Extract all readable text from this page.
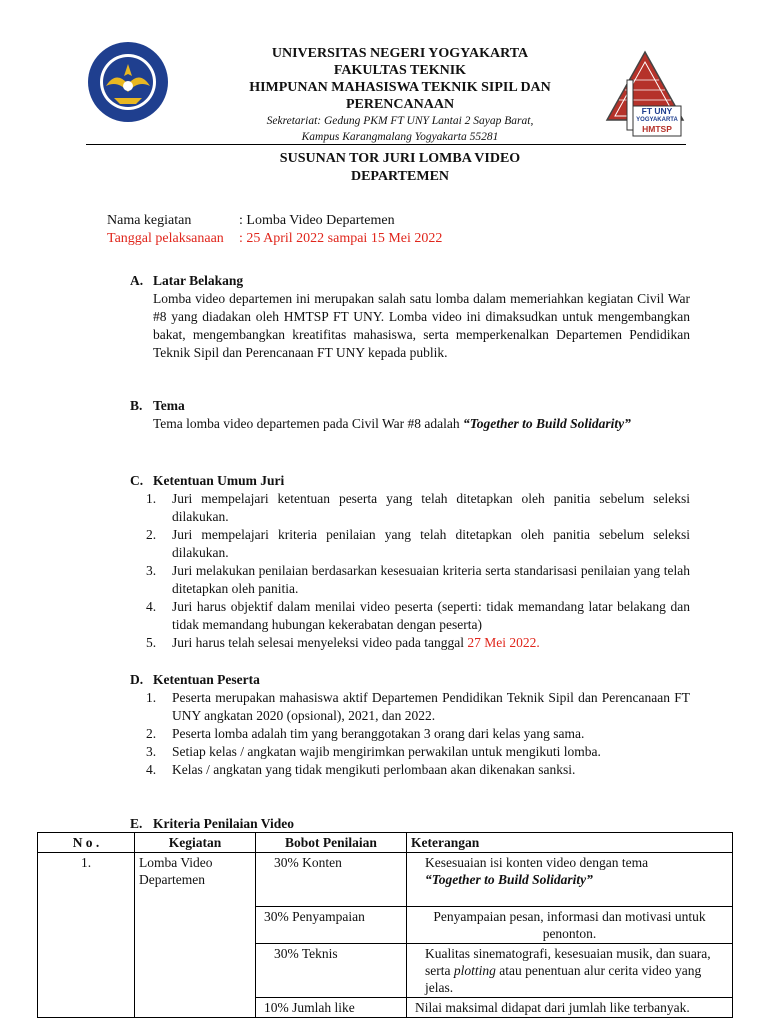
FT UNY
YOGYAKARTA
HMTSP
UNIVERSITAS NEGERI YOGYAKARTA
FAKULTAS TEKNIK
HIMPUNAN MAHASISWA TEKNIK SIPIL DAN
PERENCANAAN
Sekretariat: Gedung PKM FT UNY Lantai 2 Sayap Barat,
Kampus Karangmalang Yogyakarta 55281
SUSUNAN TOR JURI LOMBA VIDEO
DEPARTEMEN
Nama kegiatan	: Lomba Video Departemen
Tanggal pelaksanaan : 25 April 2022 sampai 15 Mei 2022
A. Latar Belakang
Lomba video departemen ini merupakan salah satu lomba dalam memeriahkan kegiatan Civil War #8 yang diadakan oleh HMTSP FT UNY. Lomba video ini dimaksudkan untuk mengembangkan bakat, mengembangkan kreatifitas mahasiswa, serta memperkenalkan Departemen Pendidikan Teknik Sipil dan Perencanaan FT UNY kepada publik.
B. Tema
Tema lomba video departemen pada Civil War #8 adalah “Together to Build Solidarity”
C. Ketentuan Umum Juri
1. Juri mempelajari ketentuan peserta yang telah ditetapkan oleh panitia sebelum seleksi dilakukan.
2. Juri mempelajari kriteria penilaian yang telah ditetapkan oleh panitia sebelum seleksi dilakukan.
3. Juri melakukan penilaian berdasarkan kesesuaian kriteria serta standarisasi penilaian yang telah ditetapkan oleh panitia.
4. Juri harus objektif dalam menilai video peserta (seperti: tidak memandang latar belakang dan tidak memandang hubungan kekerabatan dengan peserta)
5. Juri harus telah selesai menyeleksi video pada tanggal 27 Mei 2022.
D. Ketentuan Peserta
1. Peserta merupakan mahasiswa aktif Departemen Pendidikan Teknik Sipil dan Perencanaan FT UNY angkatan 2020 (opsional), 2021, dan 2022.
2. Peserta lomba adalah tim yang beranggotakan 3 orang dari kelas yang sama.
3. Setiap kelas / angkatan wajib mengirimkan perwakilan untuk mengikuti lomba.
4. Kelas / angkatan yang tidak mengikuti perlombaan akan dikenakan sanksi.
E. Kriteria Penilaian Video
N o .	Kegiatan	Bobot Penilaian	Keterangan
1.	Lomba Video Departemen	30% Konten	Kesesuaian isi konten video dengan tema
“Together to Build Solidarity”
		30% Penyampaian	Penyampaian pesan, informasi dan motivasi untuk penonton.
		30% Teknis	Kualitas sinematografi, kesesuaian musik, dan suara, serta plotting atau penentuan alur cerita video yang jelas.
		10% Jumlah like	Nilai maksimal didapat dari jumlah like terbanyak.
